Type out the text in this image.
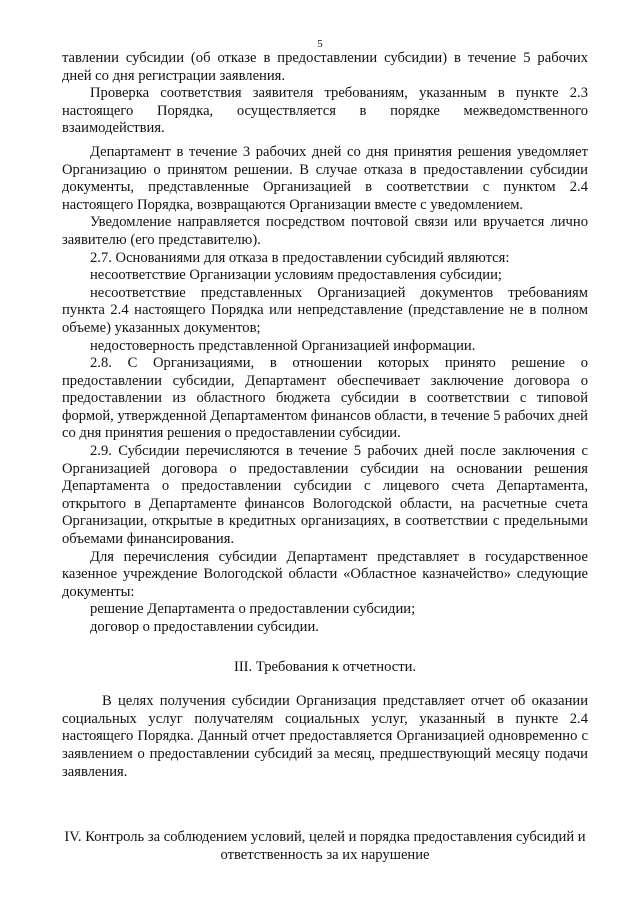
5

тавлении субсидии (об отказе в предоставлении субсидии) в течение 5 рабочих дней со дня регистрации заявления.

Проверка соответствия заявителя требованиям, указанным в пункте 2.3 настоящего Порядка, осуществляется в порядке межведомственного взаимодействия.

Департамент в течение 3 рабочих дней со дня принятия решения уведомляет Организацию о принятом решении. В случае отказа в предоставлении субсидии документы, представленные Организацией в соответствии с пунктом 2.4 настоящего Порядка, возвращаются Организации вместе с уведомлением.

Уведомление направляется посредством почтовой связи или вручается лично заявителю (его представителю).

2.7. Основаниями для отказа в предоставлении субсидий являются:

несоответствие Организации условиям предоставления субсидии;

несоответствие представленных Организацией документов требованиям пункта 2.4 настоящего Порядка или непредставление (представление не в полном объеме) указанных документов;

недостоверность представленной Организацией информации.

2.8. С Организациями, в отношении которых принято решение о предоставлении субсидии, Департамент обеспечивает заключение договора о предоставлении из областного бюджета субсидии в соответствии с типовой формой, утвержденной Департаментом финансов области, в течение 5 рабочих дней со дня принятия решения о предоставлении субсидии.

2.9. Субсидии перечисляются в течение 5 рабочих дней после заключения с Организацией договора о предоставлении субсидии на основании решения Департамента о предоставлении субсидии с лицевого счета Департамента, открытого в Департаменте финансов Вологодской области, на расчетные счета Организации, открытые в кредитных организациях, в соответствии с предельными объемами финансирования.

Для перечисления субсидии Департамент представляет в государственное казенное учреждение Вологодской области «Областное казначейство» следующие документы:

решение Департамента о предоставлении субсидии;

договор о предоставлении субсидии.

III. Требования к отчетности.

В целях получения субсидии Организация представляет отчет об оказании социальных услуг получателям социальных услуг, указанный в пункте 2.4 настоящего Порядка. Данный отчет предоставляется Организацией одновременно с заявлением о предоставлении субсидий за месяц, предшествующий месяцу подачи заявления.

IV. Контроль за соблюдением условий, целей и порядка предоставления субсидий и ответственность за их нарушение
